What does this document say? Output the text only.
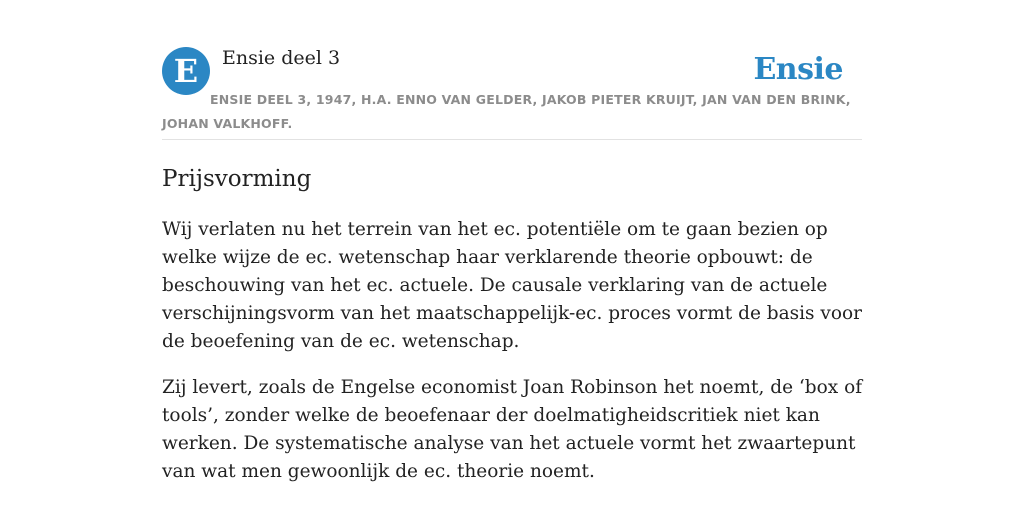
E	Ensie deel 3	Ensie
ENSIE DEEL 3, 1947, H.A. ENNO VAN GELDER, JAKOB PIETER KRUIJT, JAN VAN DEN BRINK, JOHAN VALKHOFF.
Prijsvorming

Wij verlaten nu het terrein van het ec. potentiële om te gaan bezien op welke wijze de ec. wetenschap haar verklarende theorie opbouwt: de beschouwing van het ec. actuele. De causale verklaring van de actuele verschijningsvorm van het maatschappelijk-ec. proces vormt de basis voor de beoefening van de ec. wetenschap.

Zij levert, zoals de Engelse economist Joan Robinson het noemt, de ‘box of tools’, zonder welke de beoefenaar der doelmatigheidscritiek niet kan werken. De systematische analyse van het actuele vormt het zwaartepunt van wat men gewoonlijk de ec. theorie noemt.
